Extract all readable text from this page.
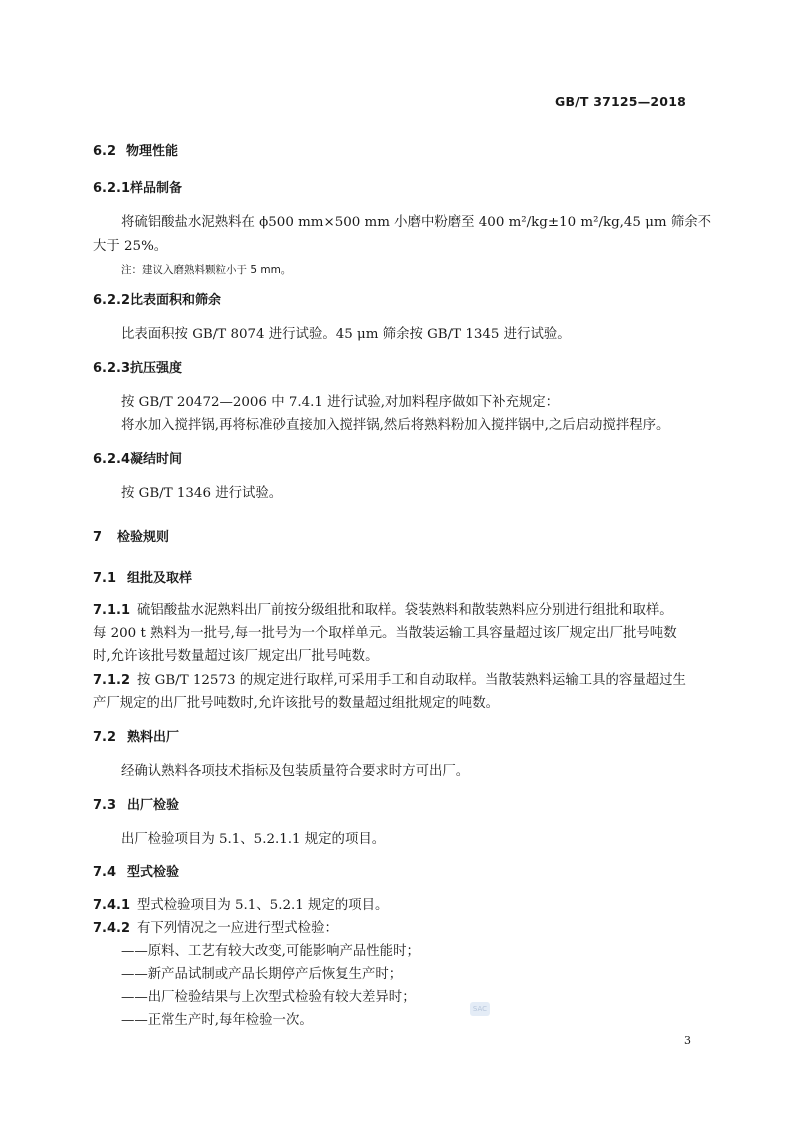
GB/T 37125—2018
6.2 物理性能
6.2.1样品制备
将硫铝酸盐水泥熟料在 ϕ500 mm×500 mm 小磨中粉磨至 400 m²/kg±10 m²/kg,45 μm 筛余不
大于 25%。
注：建议入磨熟料颗粒小于 5 mm。
6.2.2比表面积和筛余
比表面积按 GB/T 8074 进行试验。45 μm 筛余按 GB/T 1345 进行试验。
6.2.3抗压强度
按 GB/T 20472—2006 中 7.4.1 进行试验,对加料程序做如下补充规定：
将水加入搅拌锅,再将标准砂直接加入搅拌锅,然后将熟料粉加入搅拌锅中,之后启动搅拌程序。
6.2.4凝结时间
按 GB/T 1346 进行试验。
7 检验规则
7.1 组批及取样
7.1.1 硫铝酸盐水泥熟料出厂前按分级组批和取样。袋装熟料和散装熟料应分别进行组批和取样。
每 200 t 熟料为一批号,每一批号为一个取样单元。当散装运输工具容量超过该厂规定出厂批号吨数
时,允许该批号数量超过该厂规定出厂批号吨数。
7.1.2 按 GB/T 12573 的规定进行取样,可采用手工和自动取样。当散装熟料运输工具的容量超过生
产厂规定的出厂批号吨数时,允许该批号的数量超过组批规定的吨数。
7.2 熟料出厂
经确认熟料各项技术指标及包装质量符合要求时方可出厂。
7.3 出厂检验
出厂检验项目为 5.1、5.2.1.1 规定的项目。
7.4 型式检验
7.4.1 型式检验项目为 5.1、5.2.1 规定的项目。
7.4.2 有下列情况之一应进行型式检验：
——原料、工艺有较大改变,可能影响产品性能时；
——新产品试制或产品长期停产后恢复生产时；
——出厂检验结果与上次型式检验有较大差异时；
——正常生产时,每年检验一次。
SAC
3
